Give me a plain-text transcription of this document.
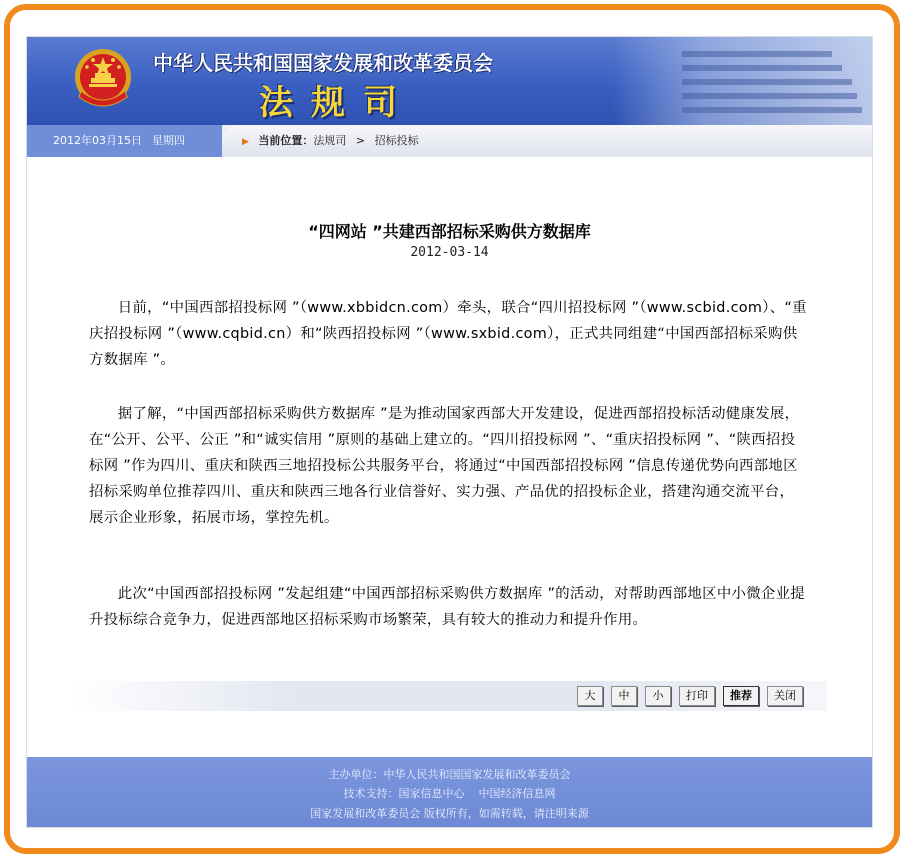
中华人民共和国国家发展和改革委员会
法规司
2012年03月15日 星期四	▶ 当前位置：法规司 > 招标投标
“四网站 ”共建西部招标采购供方数据库
2012-03-14
日前，“中国西部招投标网 ”（www.xbbidcn.com）牵头，联合“四川招投标网 ”（www.scbid.com）、“重庆招投标网 ”（www.cqbid.cn）和“陕西招投标网 ”（www.sxbid.com），正式共同组建“中国西部招标采购供方数据库 ”。
据了解，“中国西部招标采购供方数据库 ”是为推动国家西部大开发建设，促进西部招投标活动健康发展，在“公开、公平、公正 ”和“诚实信用 ”原则的基础上建立的。“四川招投标网 ”、“重庆招投标网 ”、“陕西招投标网 ”作为四川、重庆和陕西三地招投标公共服务平台，将通过“中国西部招投标网 ”信息传递优势向西部地区招标采购单位推荐四川、重庆和陕西三地各行业信誉好、实力强、产品优的招投标企业，搭建沟通交流平台，展示企业形象，拓展市场，掌控先机。
此次“中国西部招投标网 ”发起组建“中国西部招标采购供方数据库 ”的活动，对帮助西部地区中小微企业提升投标综合竞争力，促进西部地区招标采购市场繁荣，具有较大的推动力和提升作用。
大	中	小	打印	推荐	关闭
主办单位：中华人民共和国国家发展和改革委员会
技术支持：国家信息中心 中国经济信息网
国家发展和改革委员会 版权所有，如需转载，请注明来源
